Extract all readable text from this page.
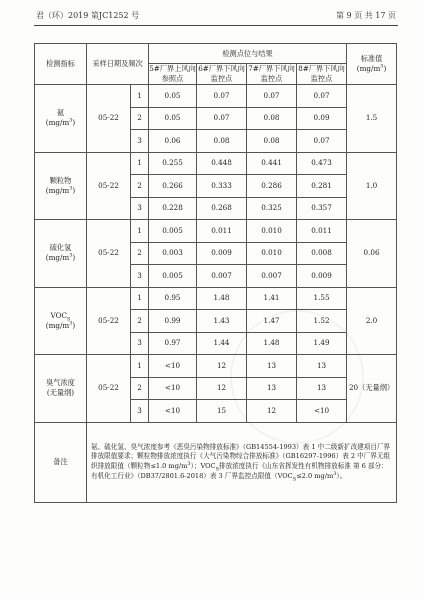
君（环）2019 第JC1252 号	第 9 页 共 17 页
检测指标	采样日期及频次		检测点位与结果				标准值
$(mg/m^3)$

			5#厂界上风向参照点	6#厂界下风向监控点	7#厂界下风向监控点	8#厂界下风向监控点	

氨
$(mg/m^3)$	05-22	1	0.05	0.07	0.07	0.07	1.5
		2	0.05	0.07	0.08	0.09	
		3	0.06	0.08	0.08	0.07	

颗粒物
$(mg/m^3)$	05-22	1	0.255	0.448	0.441	0.473	1.0
		2	0.266	0.333	0.286	0.281	
		3	0.228	0.268	0.325	0.357	

硫化氢
$(mg/m^3)$	05-22	1	0.005	0.011	0.010	0.011	0.06
		2	0.003	0.009	0.010	0.008	
		3	0.005	0.007	0.007	0.009	

$VOC_S$
$(mg/m^3)$	05-22	1	0.95	1.48	1.41	1.55	2.0
		2	0.99	1.43	1.47	1.52	
		3	0.97	1.44	1.48	1.49	

臭气浓度
(无量纲)	05-22	1	<10	12	13	13	20（无量纲）
		2	<10	12	13	13	
		3	<10	15	12	<10	
备注	氨、硫化氢、臭气浓度参考《恶臭污染物排放标准》（GB14554-1993）表 1 中二级新扩改建项目厂界排放限值要求；颗粒物排放浓度执行《大气污染物综合排放标准》（GB16297-1996）表 2 中厂界无组织排放限值（颗粒物≤1.0 $mg/m^3$）；$VOC_S$排放浓度执行《山东省挥发性有机物排放标准 第 6 部分：有机化工行业》（DB37/2801.6-2018）表 3 厂界监控点限值（$VOC_S\le 2.0$ $mg/m^3$）。						
